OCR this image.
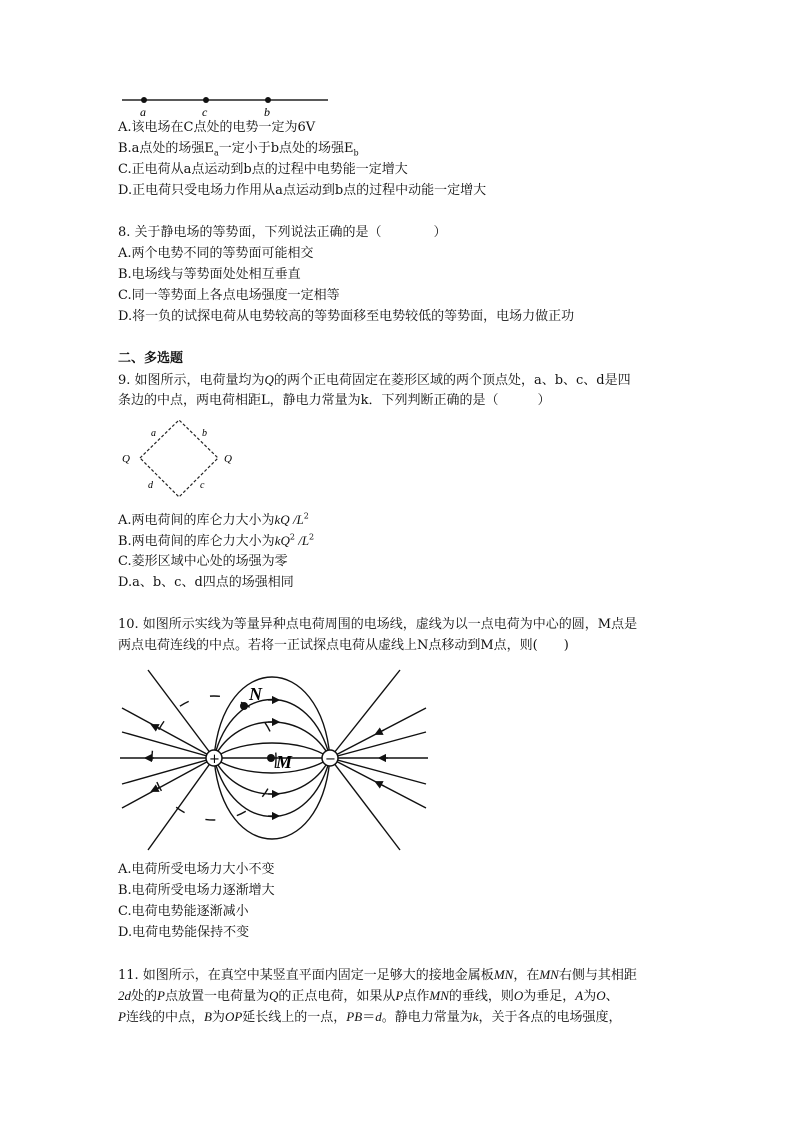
a	c	b
A.该电场在C点处的电势一定为6V
B.a点处的场强$E_a$一定小于b点处的场强$E_b$
C.正电荷从a点运动到b点的过程中电势能一定增大
D.正电荷只受电场力作用从a点运动到b点的过程中动能一定增大
8. 关于静电场的等势面，下列说法正确的是（　　　　）
A.两个电势不同的等势面可能相交
B.电场线与等势面处处相互垂直
C.同一等势面上各点电场强度一定相等
D.将一负的试探电荷从电势较高的等势面移至电势较低的等势面，电场力做正功
二、多选题
9. 如图所示，电荷量均为Q的两个正电荷固定在菱形区域的两个顶点处，a、b、c、d是四
条边的中点，两电荷相距L，静电力常量为k．下列判断正确的是（　　　）
a	b
d	c
Q	Q
A.两电荷间的库仑力大小为kQ $/L^2$
B.两电荷间的库仑力大小为$kQ^2$ $/L^2$
C.菱形区域中心处的场强为零
D.a、b、c、d四点的场强相同
10. 如图所示实线为等量异种点电荷周围的电场线，虚线为以一点电荷为中心的圆，M点是
两点电荷连线的中点。若将一正试探点电荷从虚线上N点移动到M点，则(　　)
+	−
N
M
A.电荷所受电场力大小不变
B.电荷所受电场力逐渐增大
C.电荷电势能逐渐减小
D.电荷电势能保持不变
11. 如图所示，在真空中某竖直平面内固定一足够大的接地金属板MN，在MN右侧与其相距
2d处的P点放置一电荷量为Q的正点电荷，如果从P点作MN的垂线，则O为垂足，A为O、
P连线的中点，B为OP延长线上的一点，PB＝d。静电力常量为k，关于各点的电场强度，
